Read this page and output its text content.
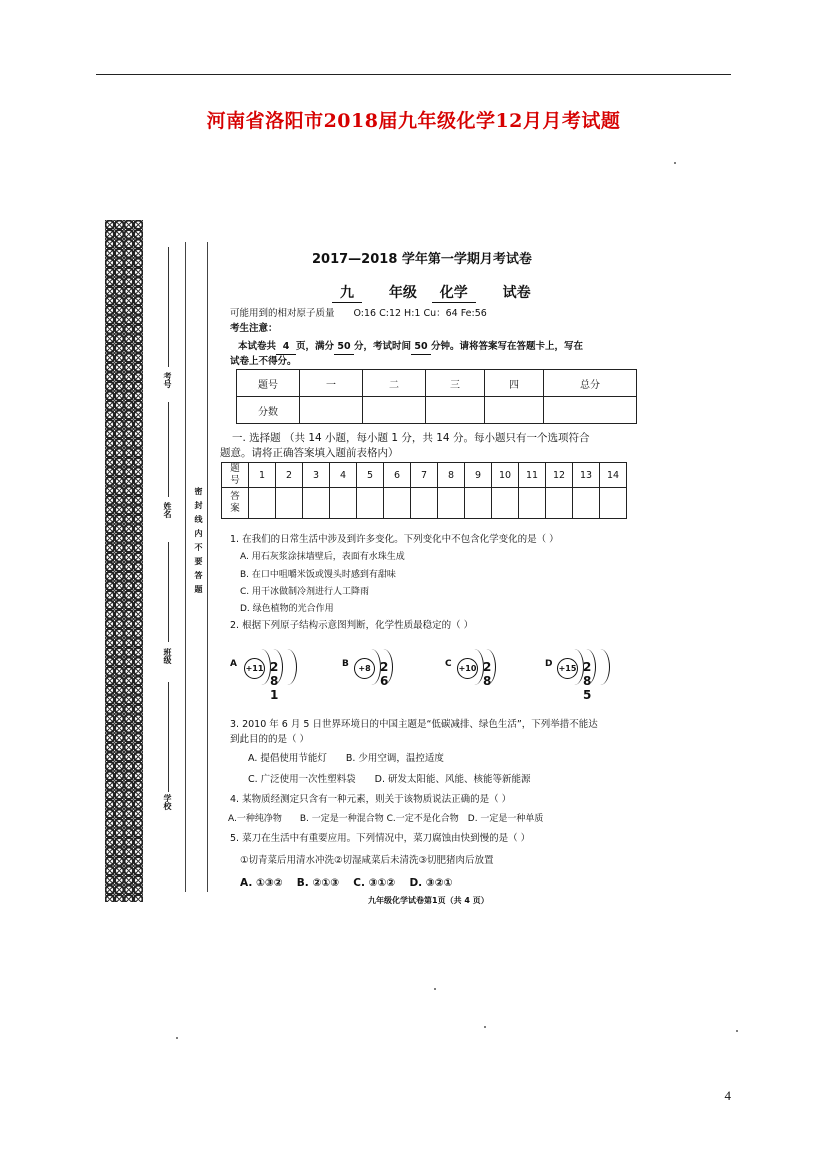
河南省洛阳市2018届九年级化学12月月考试题
考号
姓名
班级
学校
密封线内不要答题
2017—2018 学年第一学期月考试卷
九 年级 化学 试卷
可能用到的相对原子质量　　O:16 C:12 H:1 Cu：64 Fe:56
考生注意：
本试卷共 4 页，满分 50 分，考试时间 50 分钟。请将答案写在答题卡上，写在
试卷上不得分。
题号	一	二	三	四	总分
分数					
一. 选择题 （共 14 小题，每小题 1 分，共 14 分。每小题只有一个选项符合
题意。请将正确答案填入题前表格内）
题
号	1	2	3	4	5	6	7	8	9	10	11	12	13	14
答
案														
1. 在我们的日常生活中涉及到许多变化。下列变化中不包含化学变化的是（ ）
A. 用石灰浆涂抹墙壁后，表面有水珠生成
B. 在口中咀嚼米饭或馒头时感到有甜味
C. 用干冰做制冷剂进行人工降雨
D. 绿色植物的光合作用
2. 根据下列原子结构示意图判断，化学性质最稳定的（ ）
A +11 2 8 1
B	+8 2 6
C +10 2 8
D +15 2 8 5
3. 2010 年 6 月 5 日世界环境日的中国主题是“低碳减排、绿色生活”，下列举措不能达
到此目的的是（ ）
A. 提倡使用节能灯　　B. 少用空调，温控适度
C. 广泛使用一次性塑料袋　　D. 研发太阳能、风能、核能等新能源
4. 某物质经测定只含有一种元素，则关于该物质说法正确的是（ ）
A.一种纯净物　　B. 一定是一种混合物 C.一定不是化合物　D. 一定是一种单质
5. 菜刀在生活中有重要应用。下列情况中，菜刀腐蚀由快到慢的是（ ）
①切青菜后用清水冲洗②切湿咸菜后未清洗③切肥猪肉后放置
A. ①③②　 B. ②①③　 C. ③①②　 D. ③②①
九年级化学试卷第1页（共 4 页）
4
